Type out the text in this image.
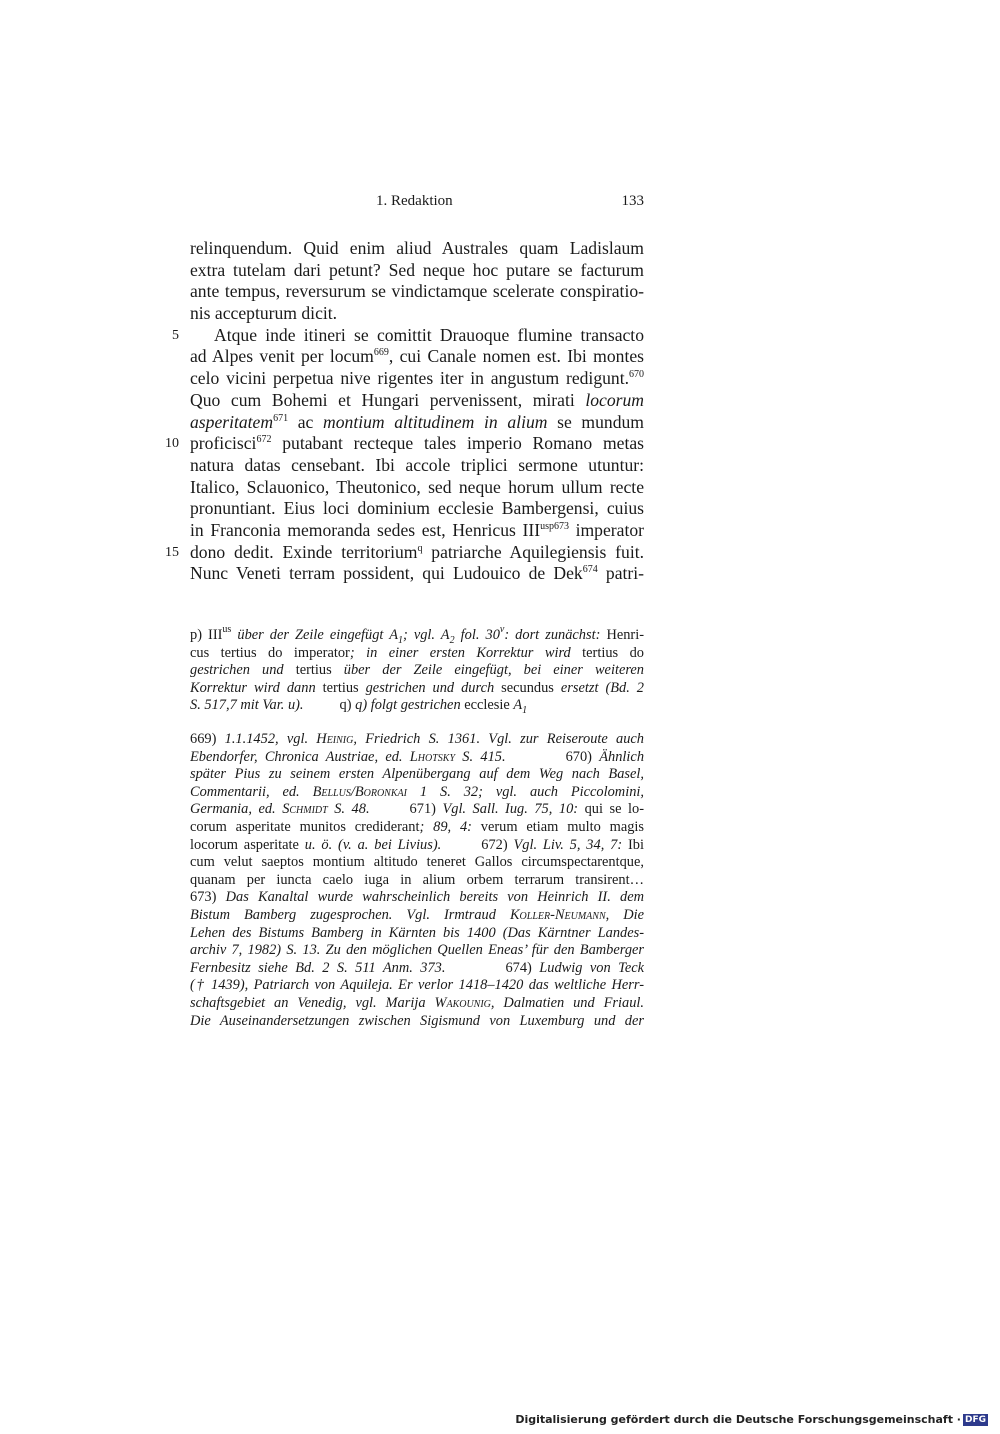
1. Redaktion	133
5
10
15
relinquendum. Quid enim aliud Australes quam Ladislaum
extra tutelam dari petunt? Sed neque hoc putare se facturum
ante tempus, reversurum se vindictamque scelerate conspiratio-
nis accepturum dicit.
Atque inde itineri se comittit Drauoque flumine transacto
ad Alpes venit per locum$^{669}$, cui Canale nomen est. Ibi montes
celo vicini perpetua nive rigentes iter in angustum redigunt.$^{670}$
Quo cum Bohemi et Hungari pervenissent, mirati locorum
asperitatem$^{671}$ ac montium altitudinem in alium se mundum
proficisci$^{672}$ putabant recteque tales imperio Romano metas
natura datas censebant. Ibi accole triplici sermone utuntur:
Italico, Sclauonico, Theutonico, sed neque horum ullum recte
pronuntiant. Eius loci dominium ecclesie Bambergensi, cuius
in Franconia memoranda sedes est, Henricus $III^{usp673}$ imperator
dono dedit. Exinde territorium$^q$ patriarche Aquilegiensis fuit.
Nunc Veneti terram possident, qui Ludouico de Dek$^{674}$ patri-
p) $III^{us}$ über der Zeile eingefügt $A_1$; vgl. $A_2$ fol. 30$^v$: dort zunächst: Henri-
cus tertius do imperator; in einer ersten Korrektur wird tertius do
gestrichen und tertius über der Zeile eingefügt, bei einer weiteren
Korrektur wird dann tertius gestrichen und durch secundus ersetzt (Bd. 2
S. 517,7 mit Var. u).	q) q) folgt gestrichen ecclesie $A_1$
669) 1.1.1452, vgl. Heinig, Friedrich S. 1361. Vgl. zur Reiseroute auch
Ebendorfer, Chronica Austriae, ed. Lhotsky S. 415.	670) Ähnlich
später Pius zu seinem ersten Alpenübergang auf dem Weg nach Basel,
Commentarii, ed. Bellus/Boronkai 1 S. 32; vgl. auch Piccolomini,
Germania, ed. Schmidt S. 48.	671) Vgl. Sall. Iug. 75, 10: qui se lo-
corum asperitate munitos crediderant; 89, 4: verum etiam multo magis
locorum asperitate u. ö. (v. a. bei Livius).	672) Vgl. Liv. 5, 34, 7: Ibi
cum velut saeptos montium altitudo teneret Gallos circumspectarentque,
quanam per iuncta caelo iuga in alium orbem terrarum transirent…
673) Das Kanaltal wurde wahrscheinlich bereits von Heinrich II. dem
Bistum Bamberg zugesprochen. Vgl. Irmtraud Koller-Neumann, Die
Lehen des Bistums Bamberg in Kärnten bis 1400 (Das Kärntner Landes-
archiv 7, 1982) S. 13. Zu den möglichen Quellen Eneas’ für den Bamberger
Fernbesitz siehe Bd. 2 S. 511 Anm. 373.	674) Ludwig von Teck
(† 1439), Patriarch von Aquileja. Er verlor 1418–1420 das weltliche Herr-
schaftsgebiet an Venedig, vgl. Marija Wakounig, Dalmatien und Friaul.
Die Auseinandersetzungen zwischen Sigismund von Luxemburg und der
Digitalisierung gefördert durch die Deutsche Forschungsgemeinschaft · DFG
